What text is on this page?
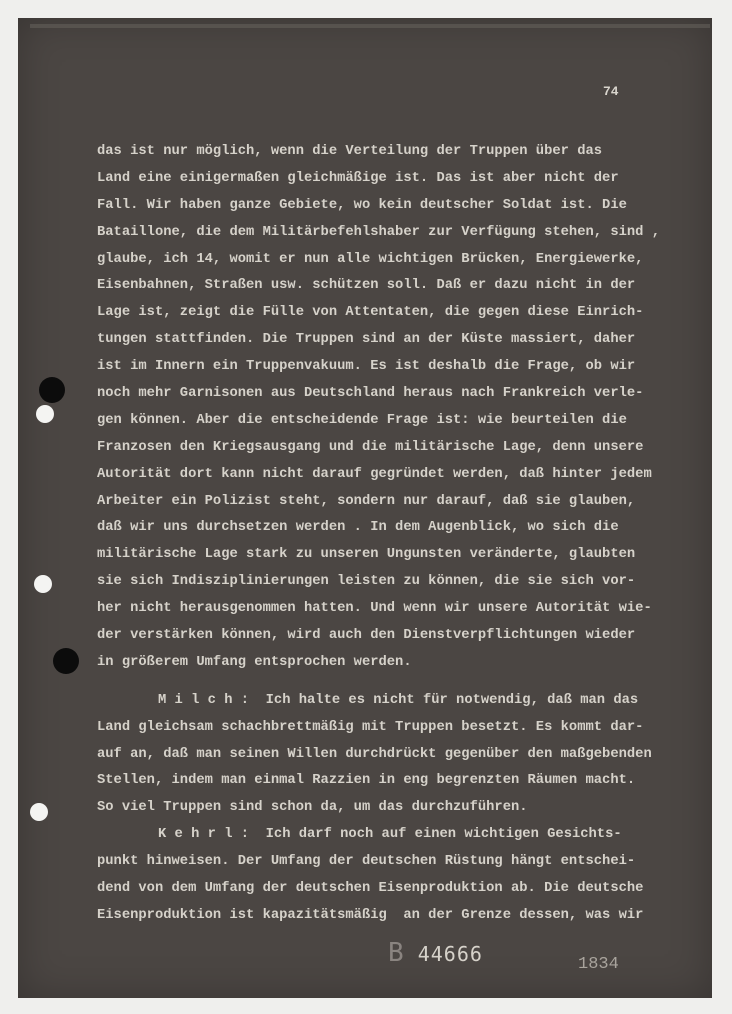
74
das ist nur möglich, wenn die Verteilung der Truppen über das
Land eine einigermaßen gleichmäßige ist. Das ist aber nicht der
Fall. Wir haben ganze Gebiete, wo kein deutscher Soldat ist. Die
Bataillone, die dem Militärbefehlshaber zur Verfügung stehen, sind ,
glaube, ich 14, womit er nun alle wichtigen Brücken, Energiewerke,
Eisenbahnen, Straßen usw. schützen soll. Daß er dazu nicht in der
Lage ist, zeigt die Fülle von Attentaten, die gegen diese Einrich-
tungen stattfinden. Die Truppen sind an der Küste massiert, daher
ist im Innern ein Truppenvakuum. Es ist deshalb die Frage, ob wir
noch mehr Garnisonen aus Deutschland heraus nach Frankreich verle-
gen können. Aber die entscheidende Frage ist: wie beurteilen die
Franzosen den Kriegsausgang und die militärische Lage, denn unsere
Autorität dort kann nicht darauf gegründet werden, daß hinter jedem
Arbeiter ein Polizist steht, sondern nur darauf, daß sie glauben,
daß wir uns durchsetzen werden . In dem Augenblick, wo sich die
militärische Lage stark zu unseren Ungunsten veränderte, glaubten
sie sich Indisziplinierungen leisten zu können, die sie sich vor-
her nicht herausgenommen hatten. Und wenn wir unsere Autorität wie-
der verstärken können, wird auch den Dienstverpflichtungen wieder
in größerem Umfang entsprochen werden.
M i l c h :  Ich halte es nicht für notwendig, daß man das
Land gleichsam schachbrettmäßig mit Truppen besetzt. Es kommt dar-
auf an, daß man seinen Willen durchdrückt gegenüber den maßgebenden
Stellen, indem man einmal Razzien in eng begrenzten Räumen macht.
So viel Truppen sind schon da, um das durchzuführen.
K e h r l :  Ich darf noch auf einen wichtigen Gesichts-
punkt hinweisen. Der Umfang der deutschen Rüstung hängt entschei-
dend von dem Umfang der deutschen Eisenproduktion ab. Die deutsche
Eisenproduktion ist kapazitätsmäßig  an der Grenze dessen, was wir
B 44666	1834
